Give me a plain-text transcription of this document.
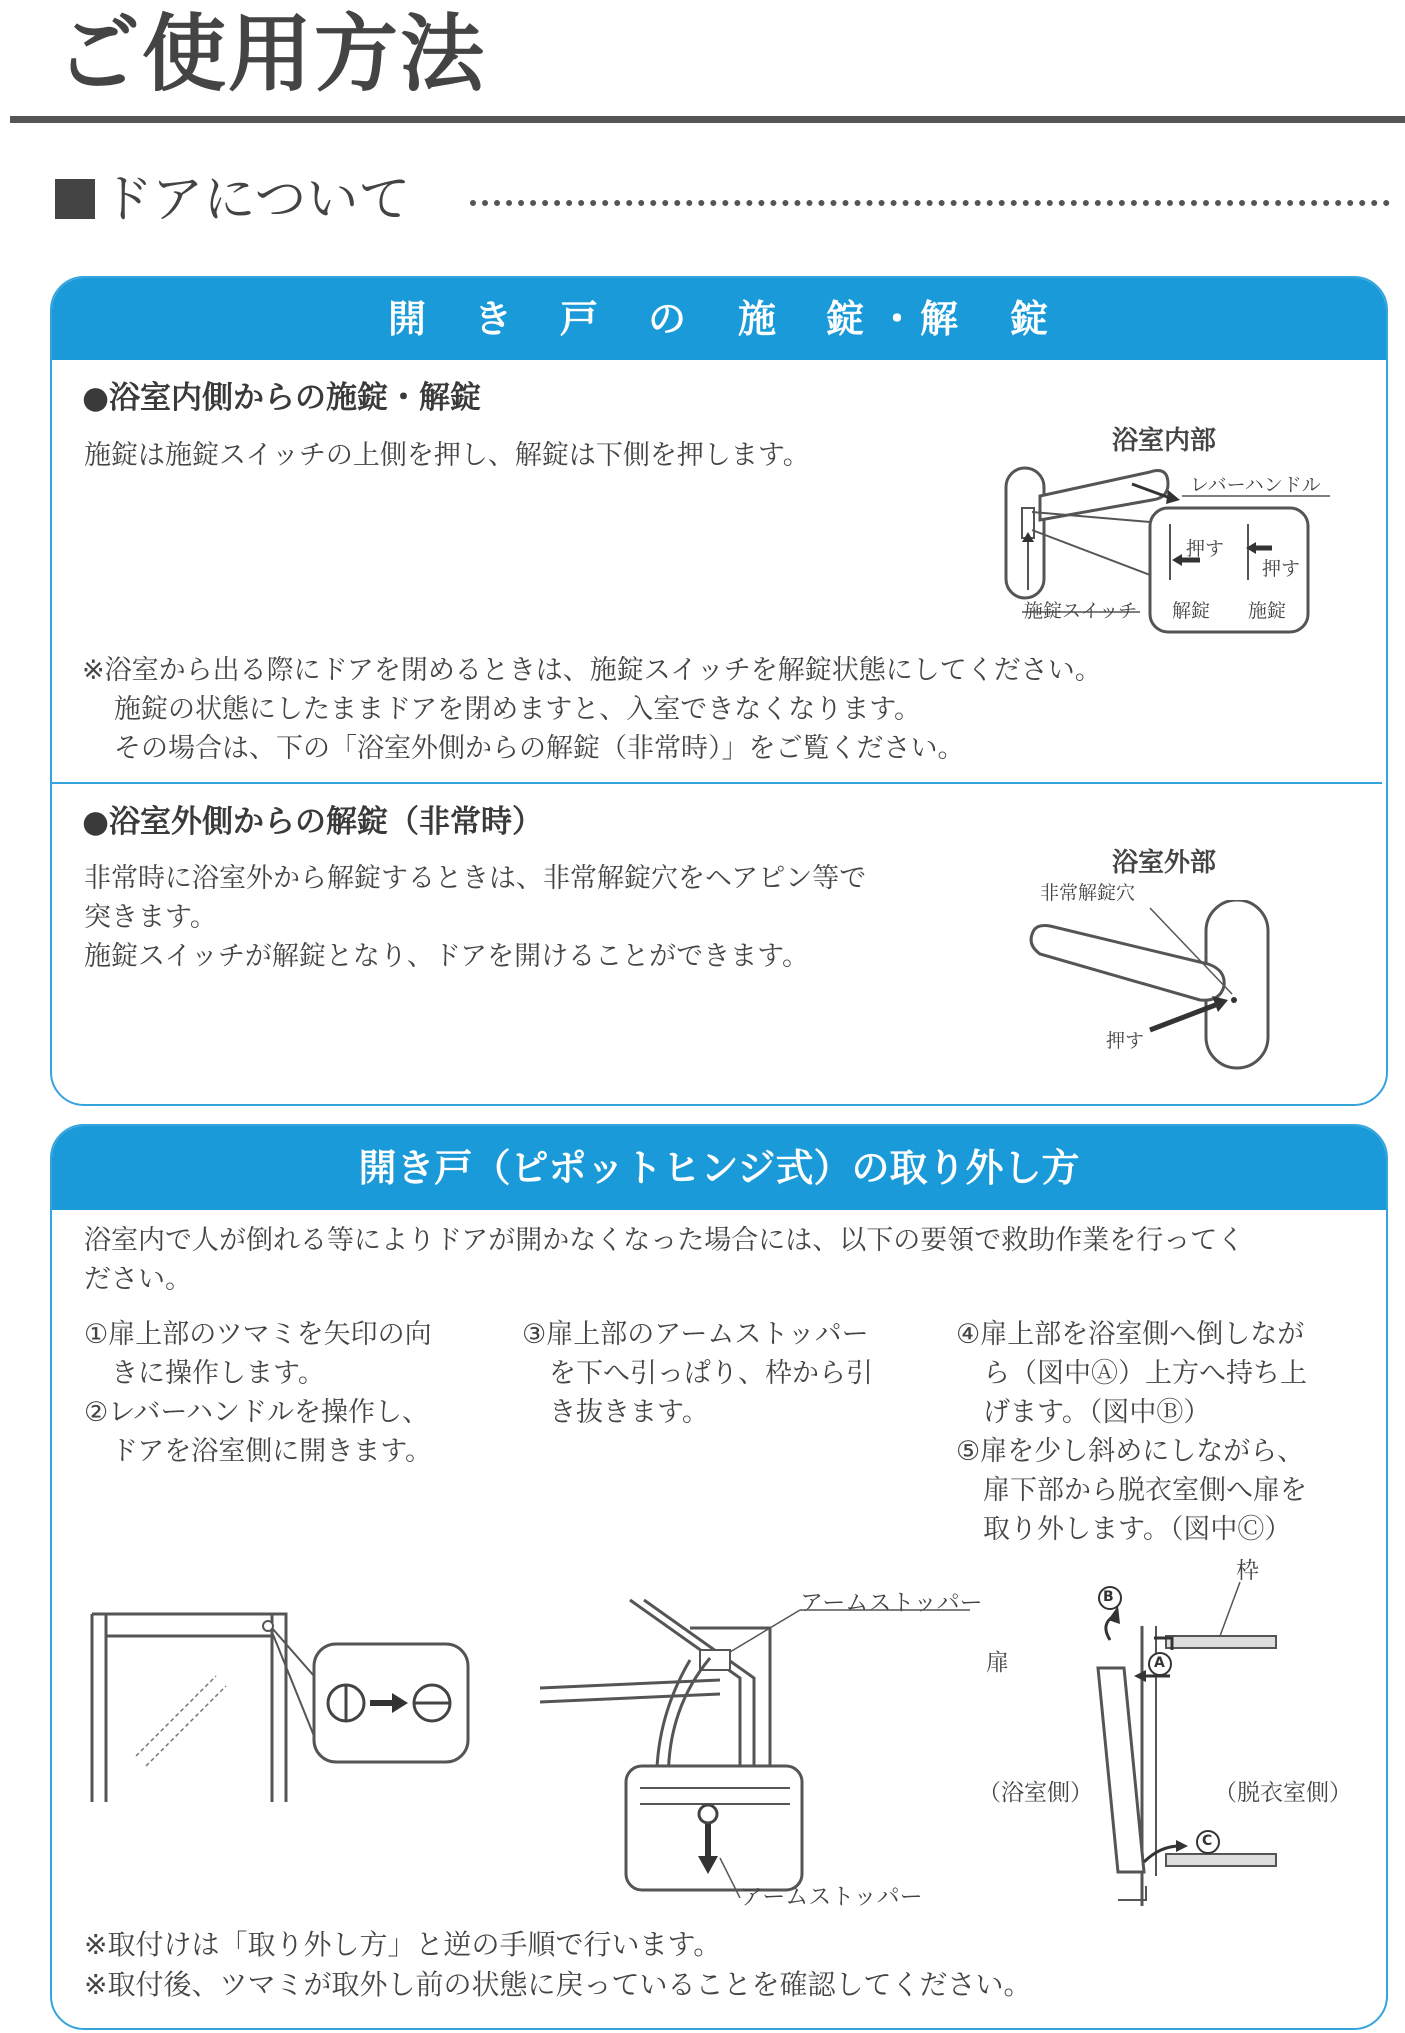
ご使用方法
ドアについて
開 き 戸 の 施 錠 ・解 錠
●浴室内側からの施錠・解錠
施錠は施錠スイッチの上側を押し、解錠は下側を押します。	浴室内部
レバーハンドル
押す
押す
施錠スイッチ 解錠 施錠
※浴室から出る際にドアを閉めるときは、施錠スイッチを解錠状態にしてください。
施錠の状態にしたままドアを閉めますと、入室できなくなります。
その場合は、下の「浴室外側からの解錠（非常時）」をご覧ください。
●浴室外側からの解錠（非常時）
非常時に浴室外から解錠するときは、非常解錠穴をヘアピン等で
突きます。
施錠スイッチが解錠となり、ドアを開けることができます。
浴室外部
非常解錠穴
押す
開き戸（ピポットヒンジ式）の取り外し方
浴室内で人が倒れる等によりドアが開かなくなった場合には、以下の要領で救助作業を行ってく
ださい。
①扉上部のツマミを矢印の向
　きに操作します。
②レバーハンドルを操作し、
　ドアを浴室側に開きます。
③扉上部のアームストッパー
　を下へ引っぱり、枠から引
　き抜きます。
④扉上部を浴室側へ倒しなが
　ら（図中Ⓐ）上方へ持ち上
　げます。（図中Ⓑ）
⑤扉を少し斜めにしながら、
　扉下部から脱衣室側へ扉を
　取り外します。（図中Ⓒ）
アームストッパー
アームストッパー
枠
扉
（浴室側）	（脱衣室側）
B
A
C
※取付けは「取り外し方」と逆の手順で行います。
※取付後、ツマミが取外し前の状態に戻っていることを確認してください。
